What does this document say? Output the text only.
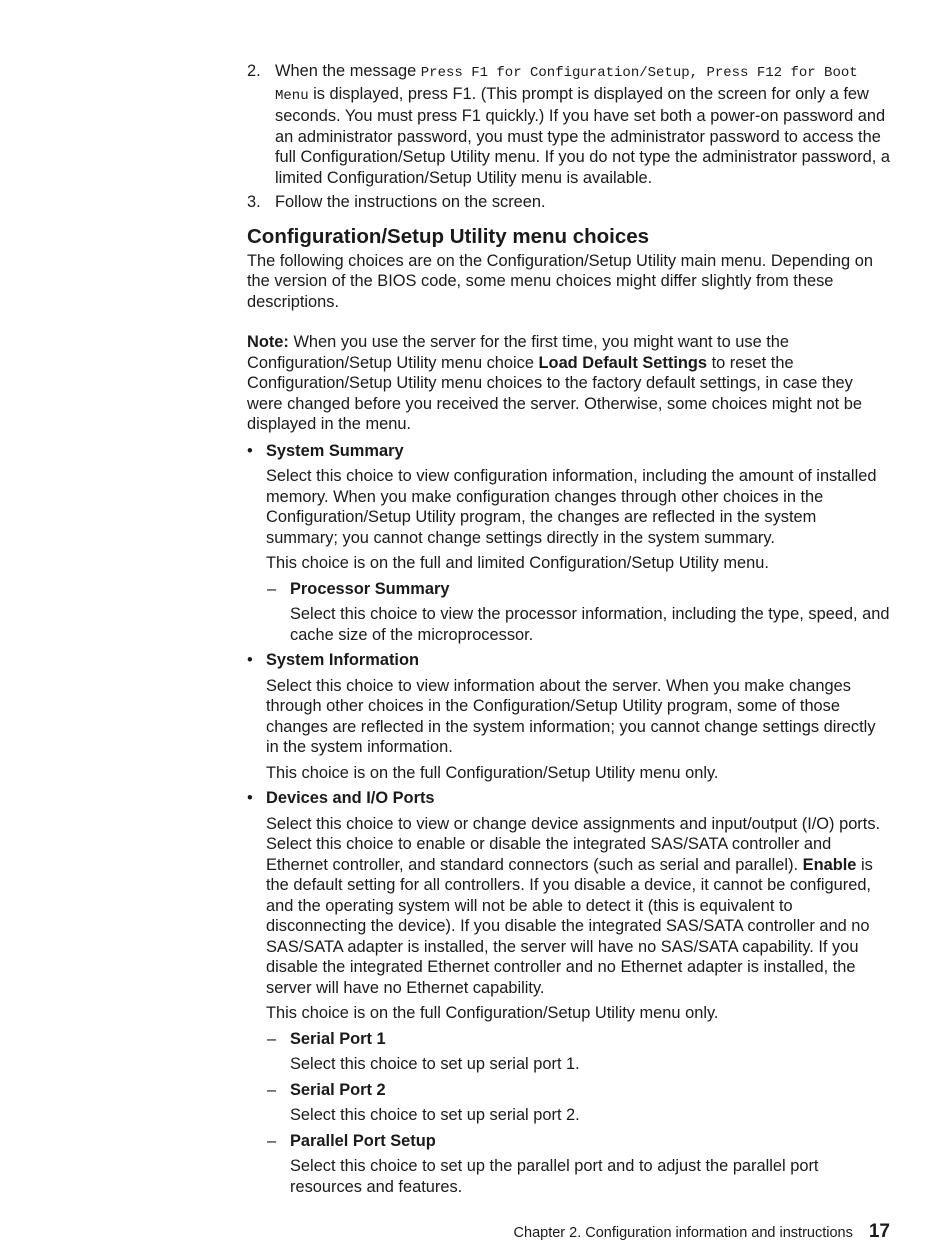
2. When the message Press F1 for Configuration/Setup, Press F12 for Boot Menu is displayed, press F1. (This prompt is displayed on the screen for only a few seconds. You must press F1 quickly.) If you have set both a power-on password and an administrator password, you must type the administrator password to access the full Configuration/Setup Utility menu. If you do not type the administrator password, a limited Configuration/Setup Utility menu is available.
3. Follow the instructions on the screen.
Configuration/Setup Utility menu choices

The following choices are on the Configuration/Setup Utility main menu. Depending on the version of the BIOS code, some menu choices might differ slightly from these descriptions.

Note: When you use the server for the first time, you might want to use the Configuration/Setup Utility menu choice Load Default Settings to reset the Configuration/Setup Utility menu choices to the factory default settings, in case they were changed before you received the server. Otherwise, some choices might not be displayed in the menu.

• System Summary

Select this choice to view configuration information, including the amount of installed memory. When you make configuration changes through other choices in the Configuration/Setup Utility program, the changes are reflected in the system summary; you cannot change settings directly in the system summary.

This choice is on the full and limited Configuration/Setup Utility menu.

– Processor Summary

Select this choice to view the processor information, including the type, speed, and cache size of the microprocessor.

• System Information

Select this choice to view information about the server. When you make changes through other choices in the Configuration/Setup Utility program, some of those changes are reflected in the system information; you cannot change settings directly in the system information.

This choice is on the full Configuration/Setup Utility menu only.

• Devices and I/O Ports

Select this choice to view or change device assignments and input/output (I/O) ports. Select this choice to enable or disable the integrated SAS/SATA controller and Ethernet controller, and standard connectors (such as serial and parallel). Enable is the default setting for all controllers. If you disable a device, it cannot be configured, and the operating system will not be able to detect it (this is equivalent to disconnecting the device). If you disable the integrated SAS/SATA controller and no SAS/SATA adapter is installed, the server will have no SAS/SATA capability. If you disable the integrated Ethernet controller and no Ethernet adapter is installed, the server will have no Ethernet capability.

This choice is on the full Configuration/Setup Utility menu only.

– Serial Port 1

Select this choice to set up serial port 1.

– Serial Port 2

Select this choice to set up serial port 2.

– Parallel Port Setup

Select this choice to set up the parallel port and to adjust the parallel port resources and features.

Chapter 2. Configuration information and instructions 17
